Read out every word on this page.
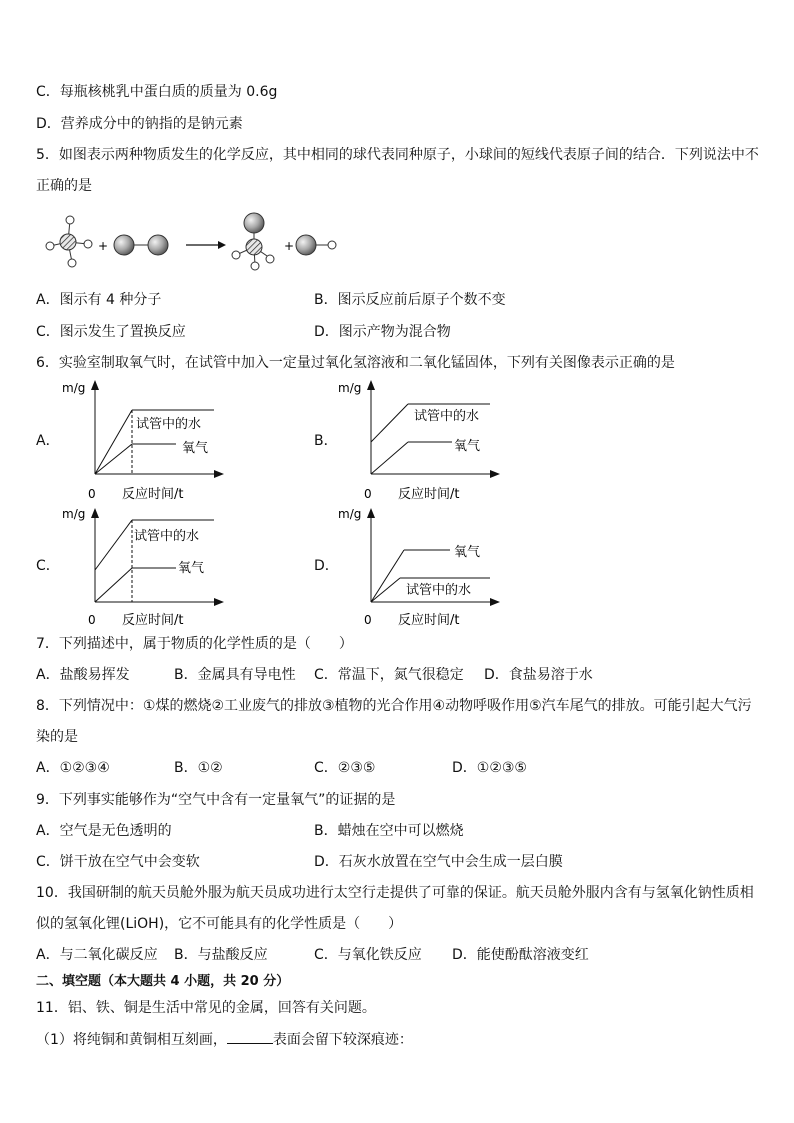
C．每瓶核桃乳中蛋白质的质量为 0.6g
D．营养成分中的钠指的是钠元素
5．如图表示两种物质发生的化学反应，其中相同的球代表同种原子，小球间的短线代表原子间的结合．下列说法中不
正确的是
+	+
A．图示有 4 种分子	B．图示反应前后原子个数不变
C．图示发生了置换反应	D．图示产物为混合物
6．实验室制取氧气时，在试管中加入一定量过氧化氢溶液和二氧化锰固体，下列有关图像表示正确的是
A．
m/g
试管中的水
氧气
0 反应时间/t
B．
m/g
试管中的水
氧气
0 反应时间/t
C．
m/g
试管中的水
氧气
0 反应时间/t
D．
m/g
氧气
试管中的水
0 反应时间/t
7．下列描述中，属于物质的化学性质的是（　　）
A．盐酸易挥发	B．金属具有导电性 C．常温下，氮气很稳定 D．食盐易溶于水
8．下列情况中：①煤的燃烧②工业废气的排放③植物的光合作用④动物呼吸作用⑤汽车尾气的排放。可能引起大气污
染的是
A．①②③④	B．①②	C．②③⑤	D．①②③⑤
9．下列事实能够作为“空气中含有一定量氧气”的证据的是
A．空气是无色透明的	B．蜡烛在空中可以燃烧
C．饼干放在空气中会变软	D．石灰水放置在空气中会生成一层白膜
10．我国研制的航天员舱外服为航天员成功进行太空行走提供了可靠的保证。航天员舱外服内含有与氢氧化钠性质相
似的氢氧化锂(LiOH)，它不可能具有的化学性质是（　　）
A．与二氧化碳反应 B．与盐酸反应	C．与氧化铁反应 D．能使酚酞溶液变红
二、填空题（本大题共 4 小题，共 20 分）
11．铝、铁、铜是生活中常见的金属，回答有关问题。
（1）将纯铜和黄铜相互刻画，	表面会留下较深痕迹：
